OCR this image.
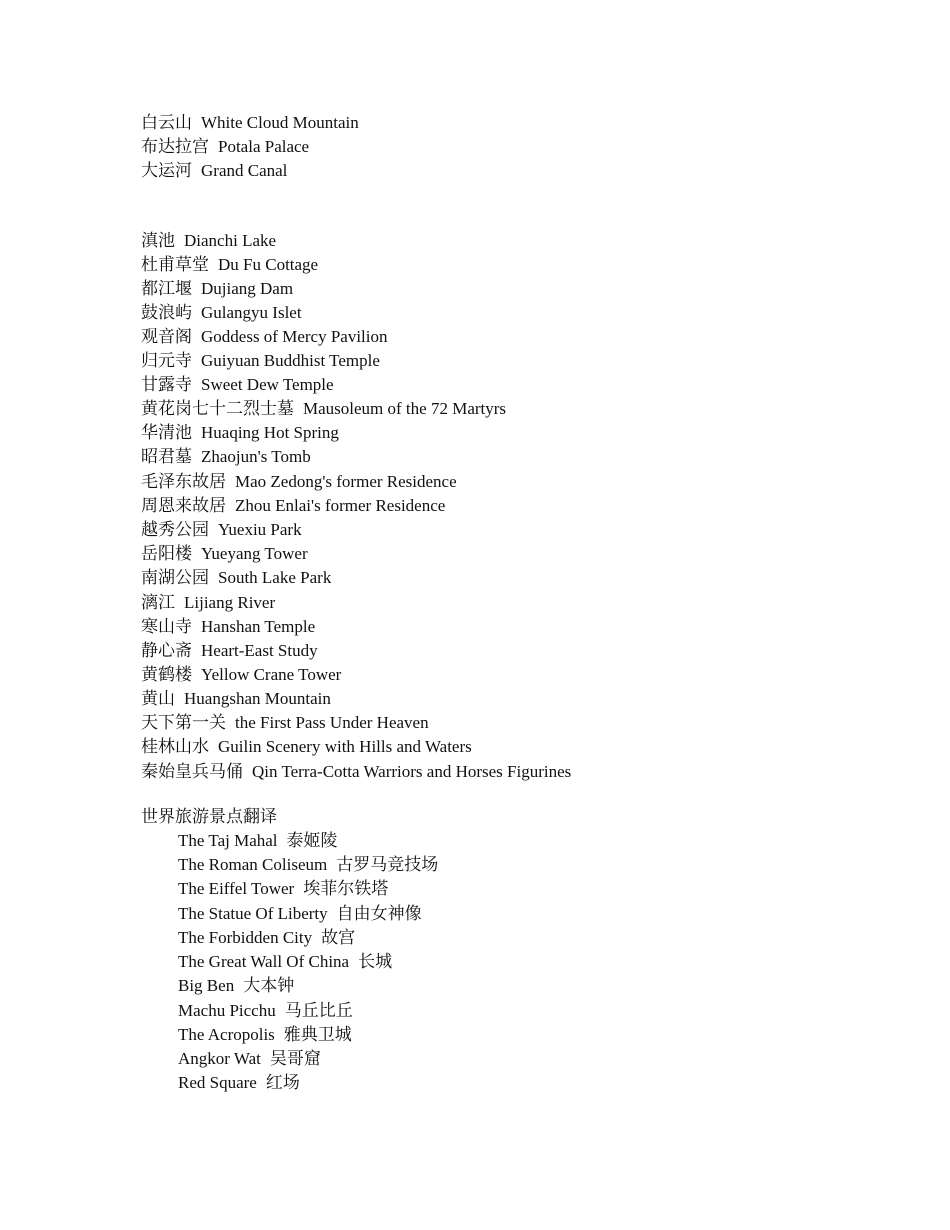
白云山 White Cloud Mountain
布达拉宫 Potala Palace
大运河 Grand Canal
滇池 Dianchi Lake
杜甫草堂 Du Fu Cottage
都江堰 Dujiang Dam
鼓浪屿 Gulangyu Islet
观音阁 Goddess of Mercy Pavilion
归元寺 Guiyuan Buddhist Temple
甘露寺 Sweet Dew Temple
黄花岗七十二烈士墓 Mausoleum of the 72 Martyrs
华清池 Huaqing Hot Spring
昭君墓 Zhaojun's Tomb
毛泽东故居 Mao Zedong's former Residence
周恩来故居 Zhou Enlai's former Residence
越秀公园 Yuexiu Park
岳阳楼 Yueyang Tower
南湖公园 South Lake Park
漓江 Lijiang River
寒山寺 Hanshan Temple
静心斋 Heart-East Study
黄鹤楼 Yellow Crane Tower
黄山 Huangshan Mountain
天下第一关 the First Pass Under Heaven
桂林山水 Guilin Scenery with Hills and Waters
秦始皇兵马俑 Qin Terra-Cotta Warriors and Horses Figurines
世界旅游景点翻译
The Taj Mahal 泰姬陵
The Roman Coliseum 古罗马竞技场
The Eiffel Tower 埃菲尔铁塔
The Statue Of Liberty 自由女神像
The Forbidden City 故宫
The Great Wall Of China 长城
Big Ben 大本钟
Machu Picchu 马丘比丘
The Acropolis 雅典卫城
Angkor Wat 吴哥窟
Red Square 红场
